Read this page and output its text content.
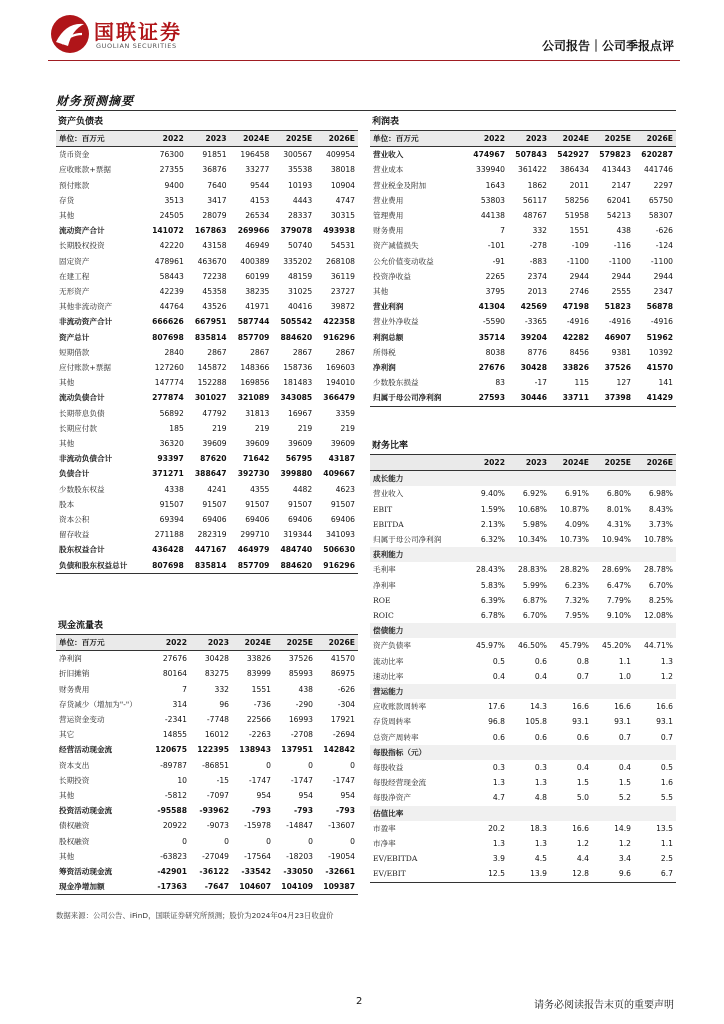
国联证券
GUOLIAN SECURITIES	公司报告｜公司季报点评
财务预测摘要
资产负债表
单位：百万元	2022	2023	2024E	2025E	2026E
货币资金	76300	91851	196458	300567	409954
应收账款+票据	27355	36876	33277	35538	38018
预付账款	9400	7640	9544	10193	10904
存货	3513	3417	4153	4443	4747
其他	24505	28079	26534	28337	30315
流动资产合计	141072	167863	269966	379078	493938
长期股权投资	42220	43158	46949	50740	54531
固定资产	478961	463670	400389	335202	268108
在建工程	58443	72238	60199	48159	36119
无形资产	42239	45358	38235	31025	23727
其他非流动资产	44764	43526	41971	40416	39872
非流动资产合计	666626	667951	587744	505542	422358
资产总计	807698	835814	857709	884620	916296
短期借款	2840	2867	2867	2867	2867
应付账款+票据	127260	145872	148366	158736	169603
其他	147774	152288	169856	181483	194010
流动负债合计	277874	301027	321089	343085	366479
长期带息负债	56892	47792	31813	16967	3359
长期应付款	185	219	219	219	219
其他	36320	39609	39609	39609	39609
非流动负债合计	93397	87620	71642	56795	43187
负债合计	371271	388647	392730	399880	409667
少数股东权益	4338	4241	4355	4482	4623
股本	91507	91507	91507	91507	91507
资本公积	69394	69406	69406	69406	69406
留存收益	271188	282319	299710	319344	341093
股东权益合计	436428	447167	464979	484740	506630
负债和股东权益总计	807698	835814	857709	884620	916296
现金流量表
单位：百万元	2022	2023	2024E	2025E	2026E
净利润	27676	30428	33826	37526	41570
折旧摊销	80164	83275	83999	85993	86975
财务费用	7	332	1551	438	-626
存货减少（增加为"-"）	314	96	-736	-290	-304
营运资金变动	-2341	-7748	22566	16993	17921
其它	14855	16012	-2263	-2708	-2694
经营活动现金流	120675	122395	138943	137951	142842
资本支出	-89787	-86851	0	0	0
长期投资	10	-15	-1747	-1747	-1747
其他	-5812	-7097	954	954	954
投资活动现金流	-95588	-93962	-793	-793	-793
债权融资	20922	-9073	-15978	-14847	-13607
股权融资	0	0	0	0	0
其他	-63823	-27049	-17564	-18203	-19054
筹资活动现金流	-42901	-36122	-33542	-33050	-32661
现金净增加额	-17363	-7647	104607	104109	109387
利润表
单位：百万元	2022	2023	2024E	2025E	2026E
营业收入	474967	507843	542927	579823	620287
营业成本	339940	361422	386434	413443	441746
营业税金及附加	1643	1862	2011	2147	2297
营业费用	53803	56117	58256	62041	65750
管理费用	44138	48767	51958	54213	58307
财务费用	7	332	1551	438	-626
资产减值损失	-101	-278	-109	-116	-124
公允价值变动收益	-91	-883	-1100	-1100	-1100
投资净收益	2265	2374	2944	2944	2944
其他	3795	2013	2746	2555	2347
营业利润	41304	42569	47198	51823	56878
营业外净收益	-5590	-3365	-4916	-4916	-4916
利润总额	35714	39204	42282	46907	51962
所得税	8038	8776	8456	9381	10392
净利润	27676	30428	33826	37526	41570
少数股东损益	83	-17	115	127	141
归属于母公司净利润	27593	30446	33711	37398	41429
财务比率
	2022	2023	2024E	2025E	2026E
成长能力					
营业收入	9.40%	6.92%	6.91%	6.80%	6.98%
EBIT	1.59%	10.68%	10.87%	8.01%	8.43%
EBITDA	2.13%	5.98%	4.09%	4.31%	3.73%
归属于母公司净利润	6.32%	10.34%	10.73%	10.94%	10.78%
获利能力					
毛利率	28.43%	28.83%	28.82%	28.69%	28.78%
净利率	5.83%	5.99%	6.23%	6.47%	6.70%
ROE	6.39%	6.87%	7.32%	7.79%	8.25%
ROIC	6.78%	6.70%	7.95%	9.10%	12.08%
偿债能力					
资产负债率	45.97%	46.50%	45.79%	45.20%	44.71%
流动比率	0.5	0.6	0.8	1.1	1.3
速动比率	0.4	0.4	0.7	1.0	1.2
营运能力					
应收账款周转率	17.6	14.3	16.6	16.6	16.6
存货周转率	96.8	105.8	93.1	93.1	93.1
总资产周转率	0.6	0.6	0.6	0.7	0.7
每股指标（元）					
每股收益	0.3	0.3	0.4	0.4	0.5
每股经营现金流	1.3	1.3	1.5	1.5	1.6
每股净资产	4.7	4.8	5.0	5.2	5.5
估值比率					
市盈率	20.2	18.3	16.6	14.9	13.5
市净率	1.3	1.3	1.2	1.2	1.1
EV/EBITDA	3.9	4.5	4.4	3.4	2.5
EV/EBIT	12.5	13.9	12.8	9.6	6.7
数据来源：公司公告、iFinD，国联证券研究所预测；股价为2024年04月23日收盘价
2	请务必阅读报告末页的重要声明
